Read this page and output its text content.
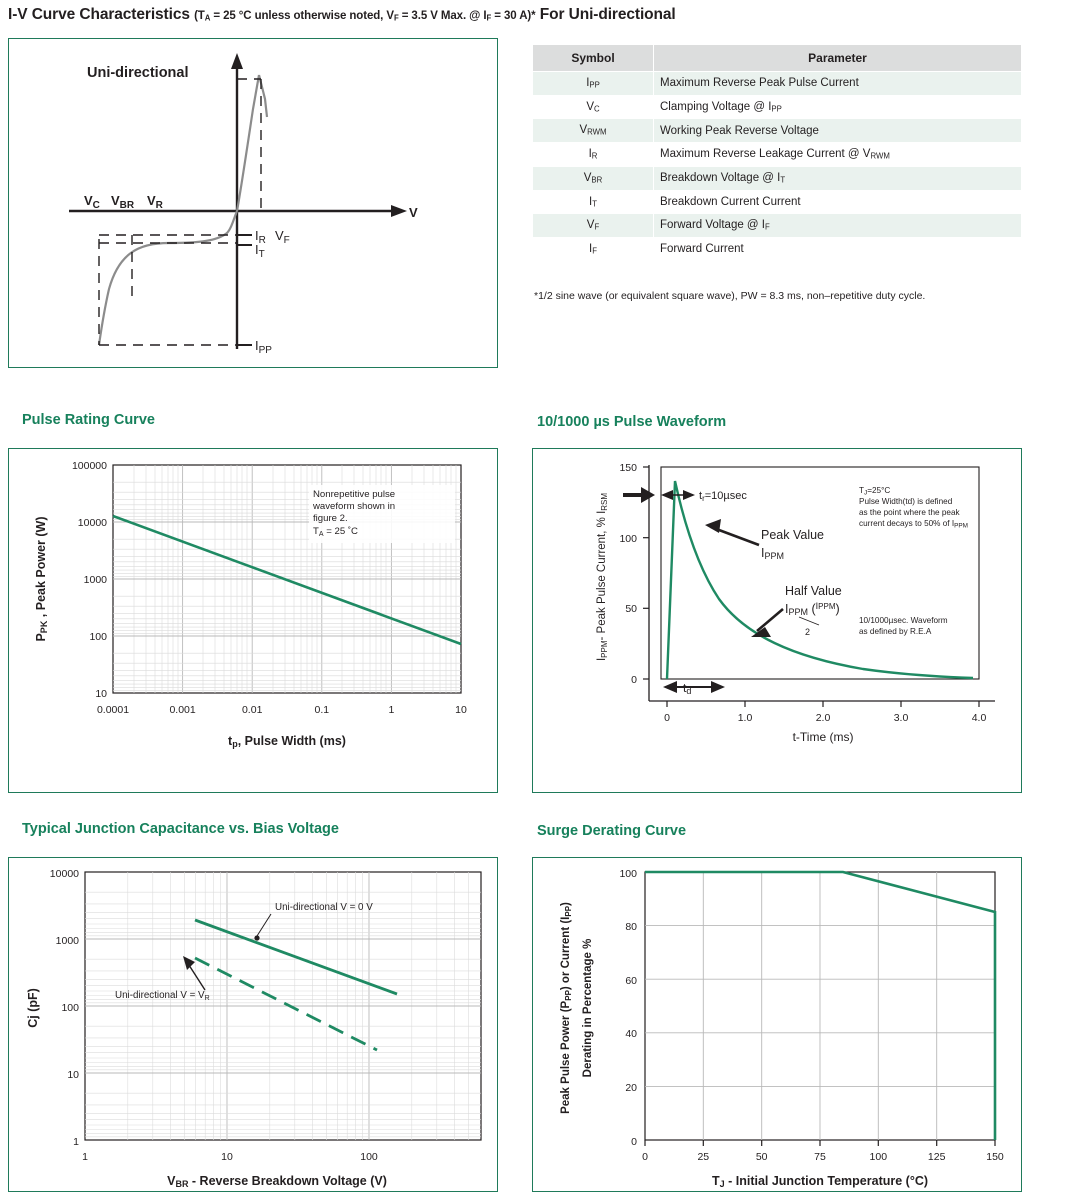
I-V Curve Characteristics ($T_A = 25$ °C unless otherwise noted, $V_F = 3.5$ V Max. @ $I_F = 30$ A)* For Uni-directional
Uni-directional
V
$V_C$ $V_{BR}$ $V_R$
$I_R$ $V_F$
$I_T$
$I_{PP}$
Symbol	Parameter
$I_{PP}$	Maximum Reverse Peak Pulse Current
$V_C$	Clamping Voltage @ $I_{PP}$
$V_{RWM}$	Working Peak Reverse Voltage
$I_R$	Maximum Reverse Leakage Current @ $V_{RWM}$
$V_{BR}$	Breakdown Voltage @ $I_T$
$I_T$	Breakdown Current Current
$V_F$	Forward Voltage @ $I_F$
$I_F$	Forward Current
*1/2 sine wave (or equivalent square wave), PW = 8.3 ms, non–repetitive duty cycle.
Pulse Rating Curve	10/1000 µs Pulse Waveform
Typical Junction Capacitance vs. Bias Voltage	Surge Derating Curve
Nonrepetitive pulse
waveform shown in
figure 2.
$T_A = 25$ ˚C
100000
10000
1000
100
10
0.0001	0.001	0.01	0.1	1	10
tp, Pulse Width (ms)
PPK , Peak Power (W)
tr=10µsec
Peak Value
IPPM
Half Value
IPPM ($^I$PPM)
2
td
TJ=25°C
Pulse Width(td) is defined
as the point where the peak
current decays to 50% of IPPM
10/1000µsec. Waveform
as defined by R.E.A
150
100
50
0
0	1.0	2.0	3.0	4.0
t-Time (ms)
IPPM- Peak Pulse Current, % IRSM
Uni-directional V = 0 V
Uni-directional $V = V_R$
10000
1000
100
10
1
1	10	100
VBR - Reverse Breakdown Voltage (V)
Cj (pF)
100
80
60
40
20
0
0	25	50	75	100	125	150
TJ - Initial Junction Temperature (°C)
Peak Pulse Power (PPP) or Current (IPP)
Derating in Percentage %
